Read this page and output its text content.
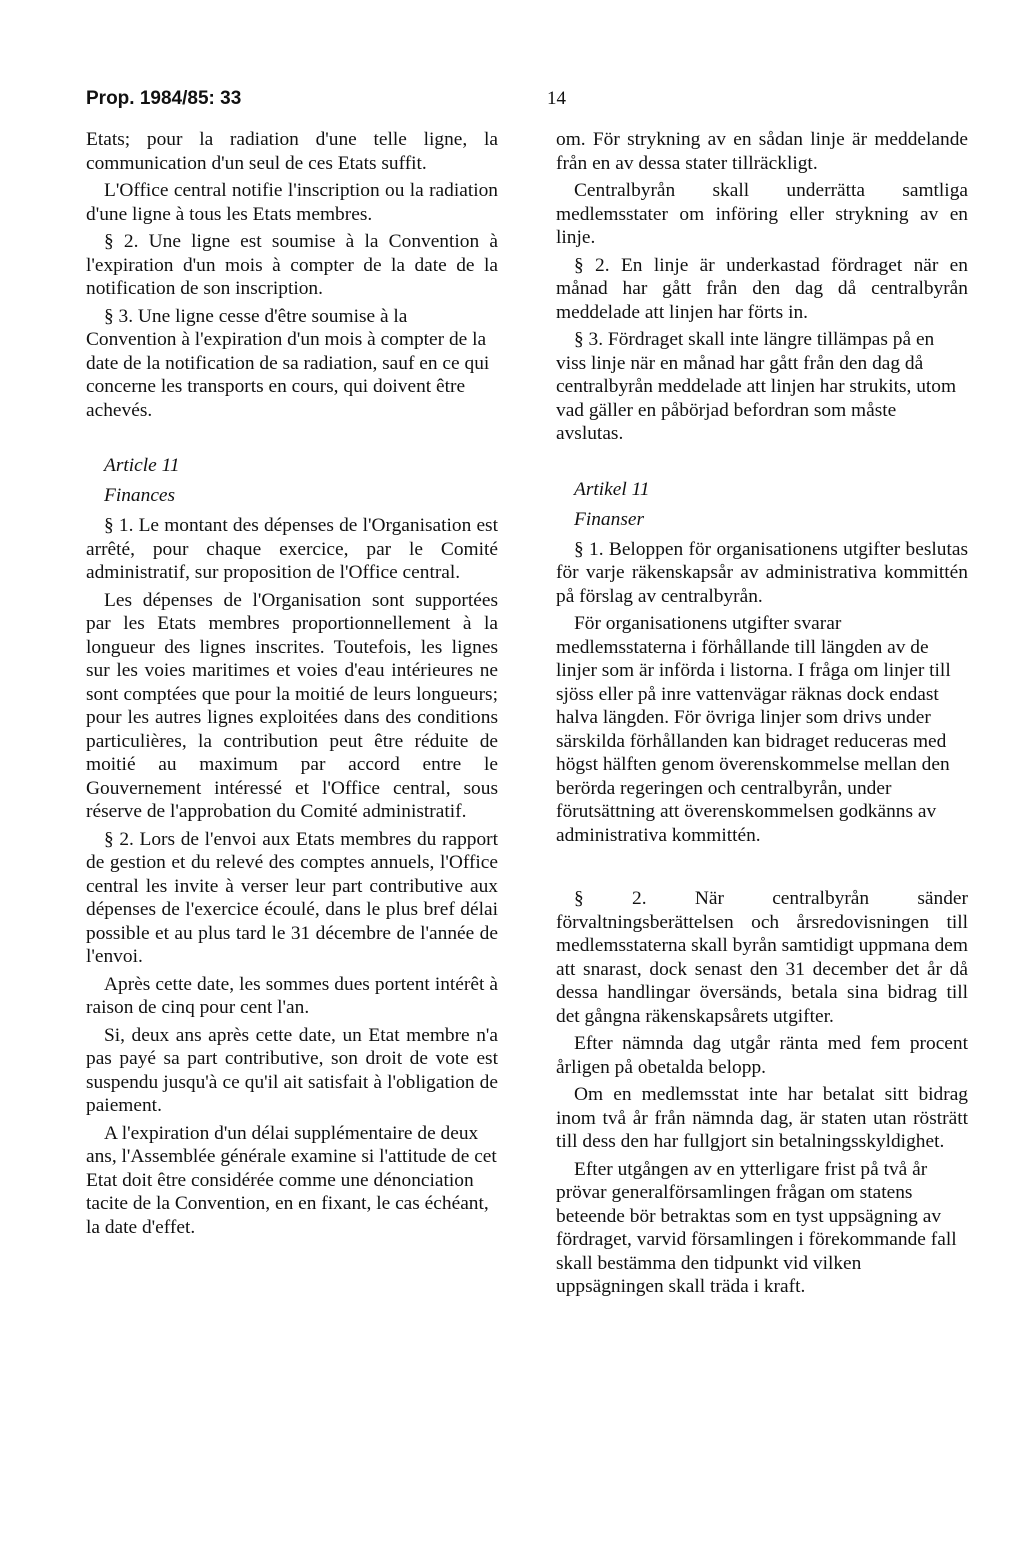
Prop. 1984/85: 33	14

Etats; pour la radiation d'une telle ligne, la communication d'un seul de ces Etats suffit.

L'Office central notifie l'inscription ou la radiation d'une ligne à tous les Etats membres.

§ 2. Une ligne est soumise à la Convention à l'expiration d'un mois à compter de la date de la notification de son inscription.

§ 3. Une ligne cesse d'être soumise à la Convention à l'expiration d'un mois à compter de la date de la notification de sa radiation, sauf en ce qui concerne les transports en cours, qui doivent être achevés.

Article 11

Finances

§ 1. Le montant des dépenses de l'Organisation est arrêté, pour chaque exercice, par le Comité administratif, sur proposition de l'Office central.

Les dépenses de l'Organisation sont supportées par les Etats membres proportionnellement à la longueur des lignes inscrites. Toutefois, les lignes sur les voies maritimes et voies d'eau intérieures ne sont comptées que pour la moitié de leurs longueurs; pour les autres lignes exploitées dans des conditions particulières, la contribution peut être réduite de moitié au maximum par accord entre le Gouvernement intéressé et l'Office central, sous réserve de l'approbation du Comité administratif.

§ 2. Lors de l'envoi aux Etats membres du rapport de gestion et du relevé des comptes annuels, l'Office central les invite à verser leur part contributive aux dépenses de l'exercice écoulé, dans le plus bref délai possible et au plus tard le 31 décembre de l'année de l'envoi.

Après cette date, les sommes dues portent intérêt à raison de cinq pour cent l'an.

Si, deux ans après cette date, un Etat membre n'a pas payé sa part contributive, son droit de vote est suspendu jusqu'à ce qu'il ait satisfait à l'obligation de paiement.

A l'expiration d'un délai supplémentaire de deux ans, l'Assemblée générale examine si l'attitude de cet Etat doit être considérée comme une dénonciation tacite de la Convention, en en fixant, le cas échéant, la date d'effet.

om. För strykning av en sådan linje är meddelande från en av dessa stater tillräckligt.

Centralbyrån skall underrätta samtliga medlemsstater om införing eller strykning av en linje.

§ 2. En linje är underkastad fördraget när en månad har gått från den dag då centralbyrån meddelade att linjen har förts in.

§ 3. Fördraget skall inte längre tillämpas på en viss linje när en månad har gått från den dag då centralbyrån meddelade att linjen har strukits, utom vad gäller en påbörjad befordran som måste avslutas.

Artikel 11

Finanser

§ 1. Beloppen för organisationens utgifter beslutas för varje räkenskapsår av administrativa kommittén på förslag av centralbyrån.

För organisationens utgifter svarar medlemsstaterna i förhållande till längden av de linjer som är införda i listorna. I fråga om linjer till sjöss eller på inre vattenvägar räknas dock endast halva längden. För övriga linjer som drivs under särskilda förhållanden kan bidraget reduceras med högst hälften genom överenskommelse mellan den berörda regeringen och centralbyrån, under förutsättning att överenskommelsen godkänns av administrativa kommittén.

§ 2. När centralbyrån sänder förvaltningsberättelsen och årsredovisningen till medlemsstaterna skall byrån samtidigt uppmana dem att snarast, dock senast den 31 december det år då dessa handlingar översänds, betala sina bidrag till det gångna räkenskapsårets utgifter.

Efter nämnda dag utgår ränta med fem procent årligen på obetalda belopp.

Om en medlemsstat inte har betalat sitt bidrag inom två år från nämnda dag, är staten utan rösträtt till dess den har fullgjort sin betalningsskyldighet.

Efter utgången av en ytterligare frist på två år prövar generalförsamlingen frågan om statens beteende bör betraktas som en tyst uppsägning av fördraget, varvid församlingen i förekommande fall skall bestämma den tidpunkt vid vilken uppsägningen skall träda i kraft.
